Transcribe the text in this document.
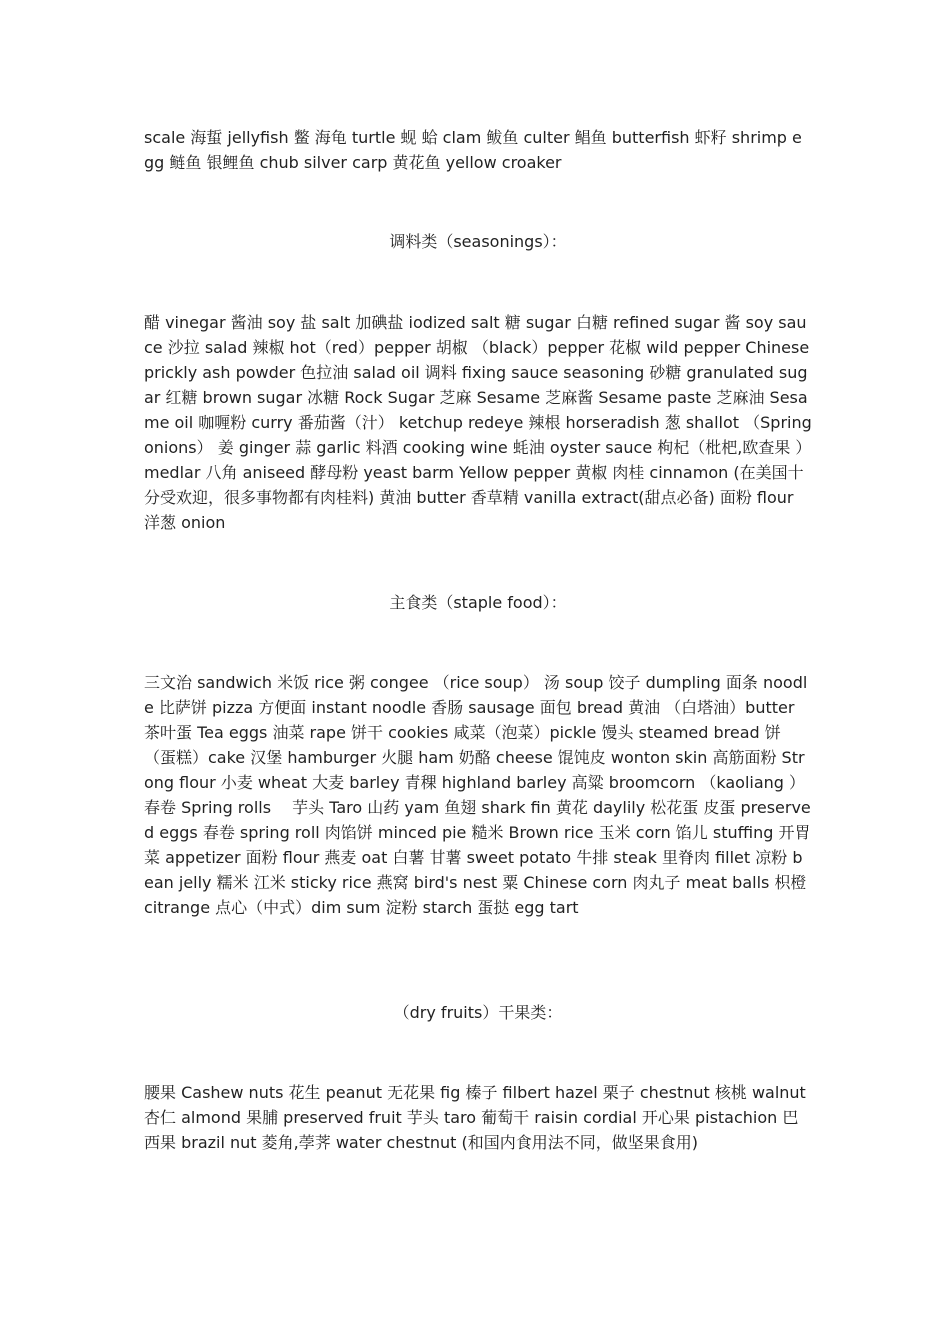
scale 海蜇 jellyfish 鳖 海龟 turtle 蚬 蛤 clam 鲅鱼 culter 鲳鱼 butterfish 虾籽 shrimp egg 鲢鱼 银鲤鱼 chub silver carp 黄花鱼 yellow croaker

调料类（seasonings）：

醋 vinegar 酱油 soy 盐 salt 加碘盐 iodized salt 糖 sugar 白糖 refined sugar 酱 soy sauce 沙拉 salad 辣椒 hot（red）pepper 胡椒 （black）pepper 花椒 wild pepper Chinese prickly ash powder 色拉油 salad oil 调料 fixing sauce seasoning 砂糖 granulated sugar 红糖 brown sugar 冰糖 Rock Sugar 芝麻 Sesame 芝麻酱 Sesame paste 芝麻油 Sesame oil 咖喱粉 curry 番茄酱（汁） ketchup redeye 辣根 horseradish 葱 shallot （Spring onions） 姜 ginger 蒜 garlic 料酒 cooking wine 蚝油 oyster sauce 枸杞（枇杷,欧查果 ） medlar 八角 aniseed 酵母粉 yeast barm Yellow pepper 黄椒 肉桂 cinnamon (在美国十分受欢迎，很多事物都有肉桂料) 黄油 butter 香草精 vanilla extract(甜点必备) 面粉 flour 洋葱 onion

主食类（staple food）：

三文治 sandwich 米饭 rice 粥 congee （rice soup） 汤 soup 饺子 dumpling 面条 noodle 比萨饼 pizza 方便面 instant noodle 香肠 sausage 面包 bread 黄油 （白塔油）butter 茶叶蛋 Tea eggs 油菜 rape 饼干 cookies 咸菜（泡菜）pickle 馒头 steamed bread 饼（蛋糕）cake 汉堡 hamburger 火腿 ham 奶酪 cheese 馄饨皮 wonton skin 高筋面粉 Strong flour 小麦 wheat 大麦 barley 青稞 highland barley 高粱 broomcorn （kaoliang ）春卷 Spring rolls　 芋头 Taro 山药 yam 鱼翅 shark fin 黄花 daylily 松花蛋 皮蛋 preserved eggs 春卷 spring roll 肉馅饼 minced pie 糙米 Brown rice 玉米 corn 馅儿 stuffing 开胃菜 appetizer 面粉 flour 燕麦 oat 白薯 甘薯 sweet potato 牛排 steak 里脊肉 fillet 凉粉 bean jelly 糯米 江米 sticky rice 燕窝 bird's nest 粟 Chinese corn 肉丸子 meat balls 枳橙 citrange 点心（中式）dim sum 淀粉 starch 蛋挞 egg tart

（dry fruits）干果类：

腰果 Cashew nuts 花生 peanut 无花果 fig 榛子 filbert hazel 栗子 chestnut 核桃 walnut 杏仁 almond 果脯 preserved fruit 芋头 taro 葡萄干 raisin cordial 开心果 pistachion 巴西果 brazil nut 菱角,荸荠 water chestnut (和国内食用法不同，做坚果食用)
